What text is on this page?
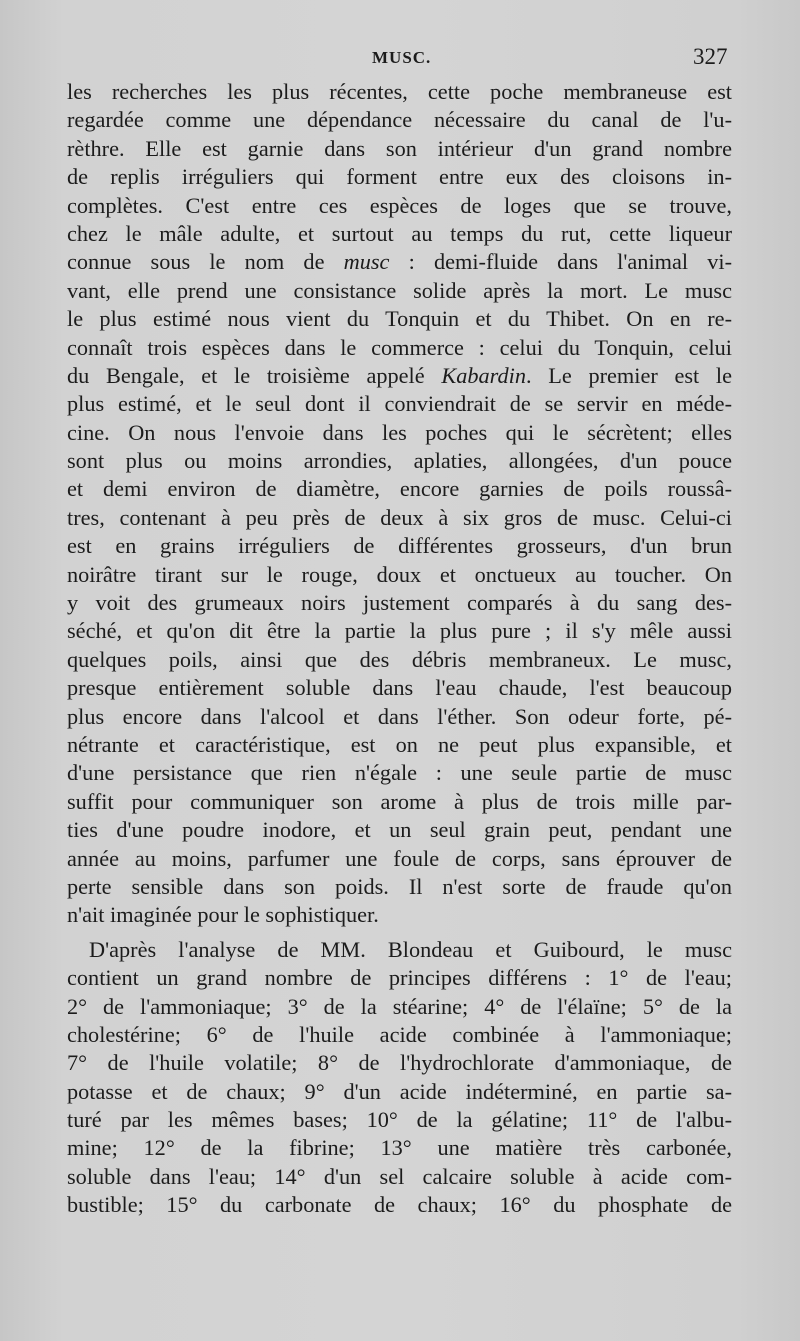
MUSC.	327
les recherches les plus récentes, cette poche membraneuse est
regardée comme une dépendance nécessaire du canal de l'u-
rèthre. Elle est garnie dans son intérieur d'un grand nombre
de replis irréguliers qui forment entre eux des cloisons in-
complètes. C'est entre ces espèces de loges que se trouve,
chez le mâle adulte, et surtout au temps du rut, cette liqueur
connue sous le nom de musc : demi-fluide dans l'animal vi-
vant, elle prend une consistance solide après la mort. Le musc
le plus estimé nous vient du Tonquin et du Thibet. On en re-
connaît trois espèces dans le commerce : celui du Tonquin, celui
du Bengale, et le troisième appelé Kabardin. Le premier est le
plus estimé, et le seul dont il conviendrait de se servir en méde-
cine. On nous l'envoie dans les poches qui le sécrètent; elles
sont plus ou moins arrondies, aplaties, allongées, d'un pouce
et demi environ de diamètre, encore garnies de poils roussâ-
tres, contenant à peu près de deux à six gros de musc. Celui-ci
est en grains irréguliers de différentes grosseurs, d'un brun
noirâtre tirant sur le rouge, doux et onctueux au toucher. On
y voit des grumeaux noirs justement comparés à du sang des-
séché, et qu'on dit être la partie la plus pure ; il s'y mêle aussi
quelques poils, ainsi que des débris membraneux. Le musc,
presque entièrement soluble dans l'eau chaude, l'est beaucoup
plus encore dans l'alcool et dans l'éther. Son odeur forte, pé-
nétrante et caractéristique, est on ne peut plus expansible, et
d'une persistance que rien n'égale : une seule partie de musc
suffit pour communiquer son arome à plus de trois mille par-
ties d'une poudre inodore, et un seul grain peut, pendant une
année au moins, parfumer une foule de corps, sans éprouver de
perte sensible dans son poids. Il n'est sorte de fraude qu'on
n'ait imaginée pour le sophistiquer.
D'après l'analyse de MM. Blondeau et Guibourd, le musc
contient un grand nombre de principes différens : 1° de l'eau;
2° de l'ammoniaque; 3° de la stéarine; 4° de l'élaïne; 5° de la
cholestérine; 6° de l'huile acide combinée à l'ammoniaque;
7° de l'huile volatile; 8° de l'hydrochlorate d'ammoniaque, de
potasse et de chaux; 9° d'un acide indéterminé, en partie sa-
turé par les mêmes bases; 10° de la gélatine; 11° de l'albu-
mine; 12° de la fibrine; 13° une matière très carbonée,
soluble dans l'eau; 14° d'un sel calcaire soluble à acide com-
bustible; 15° du carbonate de chaux; 16° du phosphate de
